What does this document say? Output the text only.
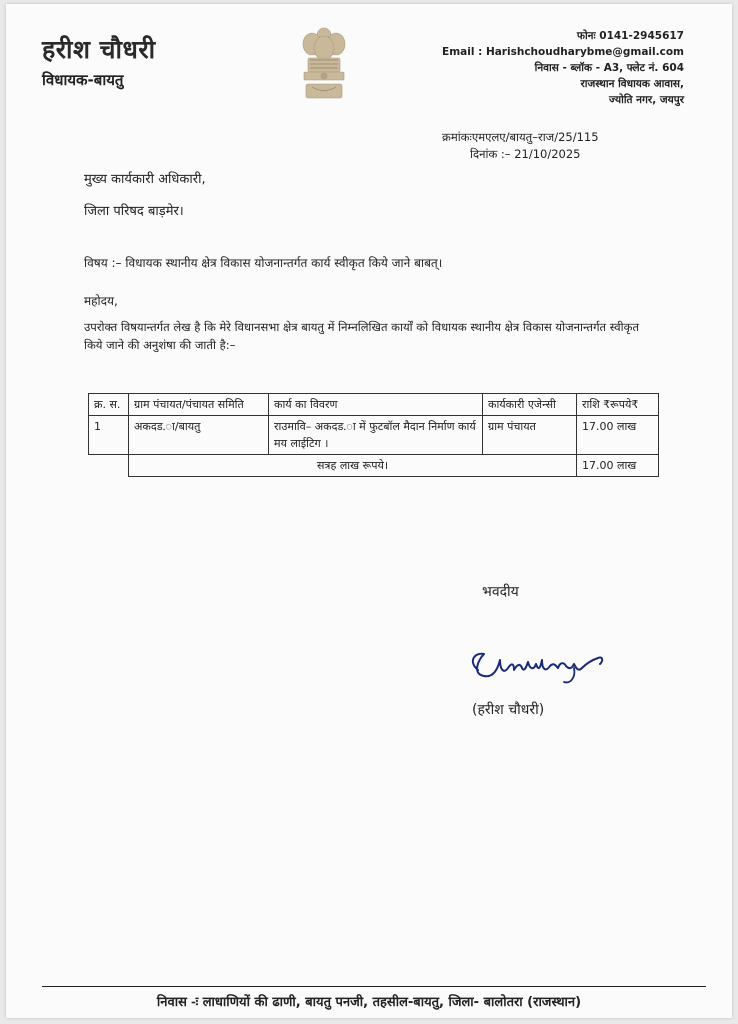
हरीश चौधरी
विधायक-बायतु
फोनः 0141-2945617
Email : Harishchoudharybme@gmail.com
निवास - ब्लॉक - A3, फ्लेट नं. 604
राजस्थान विधायक आवास,
ज्योति नगर, जयपुर
क्रमांकःएमएलए/बायतु–राज/25/115
दिनांक :– 21/10/2025
मुख्य कार्यकारी अधिकारी,
जिला परिषद बाड़मेर।
विषय :– विधायक स्थानीय क्षेत्र विकास योजनान्तर्गत कार्य स्वीकृत किये जाने बाबत्।
महोदय,
उपरोक्त विषयान्तर्गत लेख है कि मेरे विधानसभा क्षेत्र बायतु में निम्नलिखित कार्यों को विधायक स्थानीय क्षेत्र विकास योजनान्तर्गत स्वीकृत किये जाने की अनुशंषा की जाती है:–
क्र. स.	ग्राम पंचायत/पंचायत समिति	कार्य का विवरण	कार्यकारी एजेन्सी	राशि ₹रूपये₹
1	अकदड.ा/बायतु	राउमावि– अकदड.ा में फुटबॉल मैदान निर्माण कार्य मय लाईटिग ।	ग्राम पंचायत	17.00 लाख
	सत्रह लाख रूपये।			17.00 लाख
भवदीय
(हरीश चौधरी)
निवास -ः लाधाणियों की ढाणी, बायतु पनजी, तहसील-बायतु, जिला- बालोतरा (राजस्थान)
